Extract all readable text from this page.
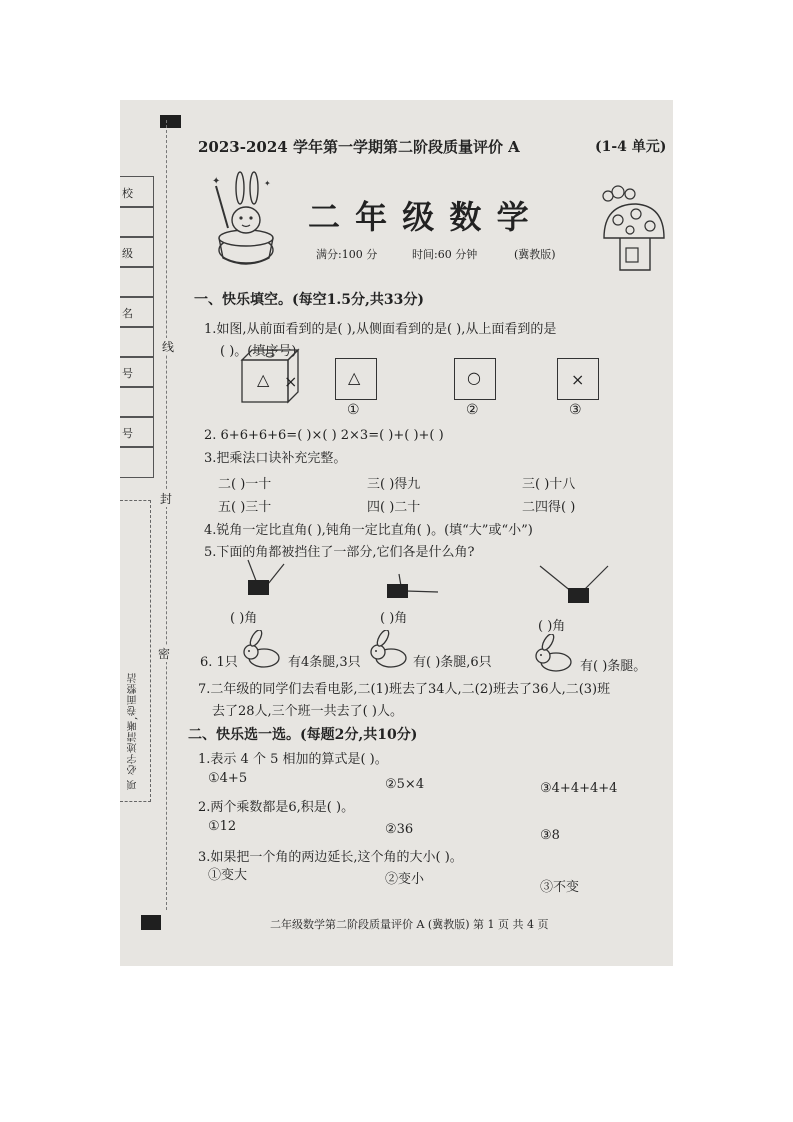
校
级
名
号
号
线
封
密
项 必字迹清晰,卷面整洁
2023-2024 学年第一学期第二阶段质量评价 A	(1-4 单元)
✦	✦
二 年 级 数 学
满分:100 分	时间:60 分钟	(冀教版)
一、快乐填空。(每空1.5分,共33分)
1.如图,从前面看到的是( ),从侧面看到的是( ),从上面看到的是
( )。(填序号)
△ ×	△	○	×
①	②	③
2. 6+6+6+6=( )×( ) 2×3=( )+( )+( )
3.把乘法口诀补充完整。
二( )一十	三( )得九	三( )十八
五( )三十	四( )二十	二四得( )
4.锐角一定比直角( ),钝角一定比直角( )。(填“大”或“小”)
5.下面的角都被挡住了一部分,它们各是什么角?
( )角	( )角
( )角
6. 1只	有4条腿,3只	有( )条腿,6只	有( )条腿。
7.二年级的同学们去看电影,二(1)班去了34人,二(2)班去了36人,二(3)班
去了28人,三个班一共去了( )人。
二、快乐选一选。(每题2分,共10分)
1.表示 4 个 5 相加的算式是( )。
①4+5	②5×4	③4+4+4+4
2.两个乘数都是6,积是( )。
①12	②36	③8
3.如果把一个角的两边延长,这个角的大小( )。
①变大	②变小
③不变
二年级数学第二阶段质量评价 A (冀教版) 第 1 页 共 4 页
